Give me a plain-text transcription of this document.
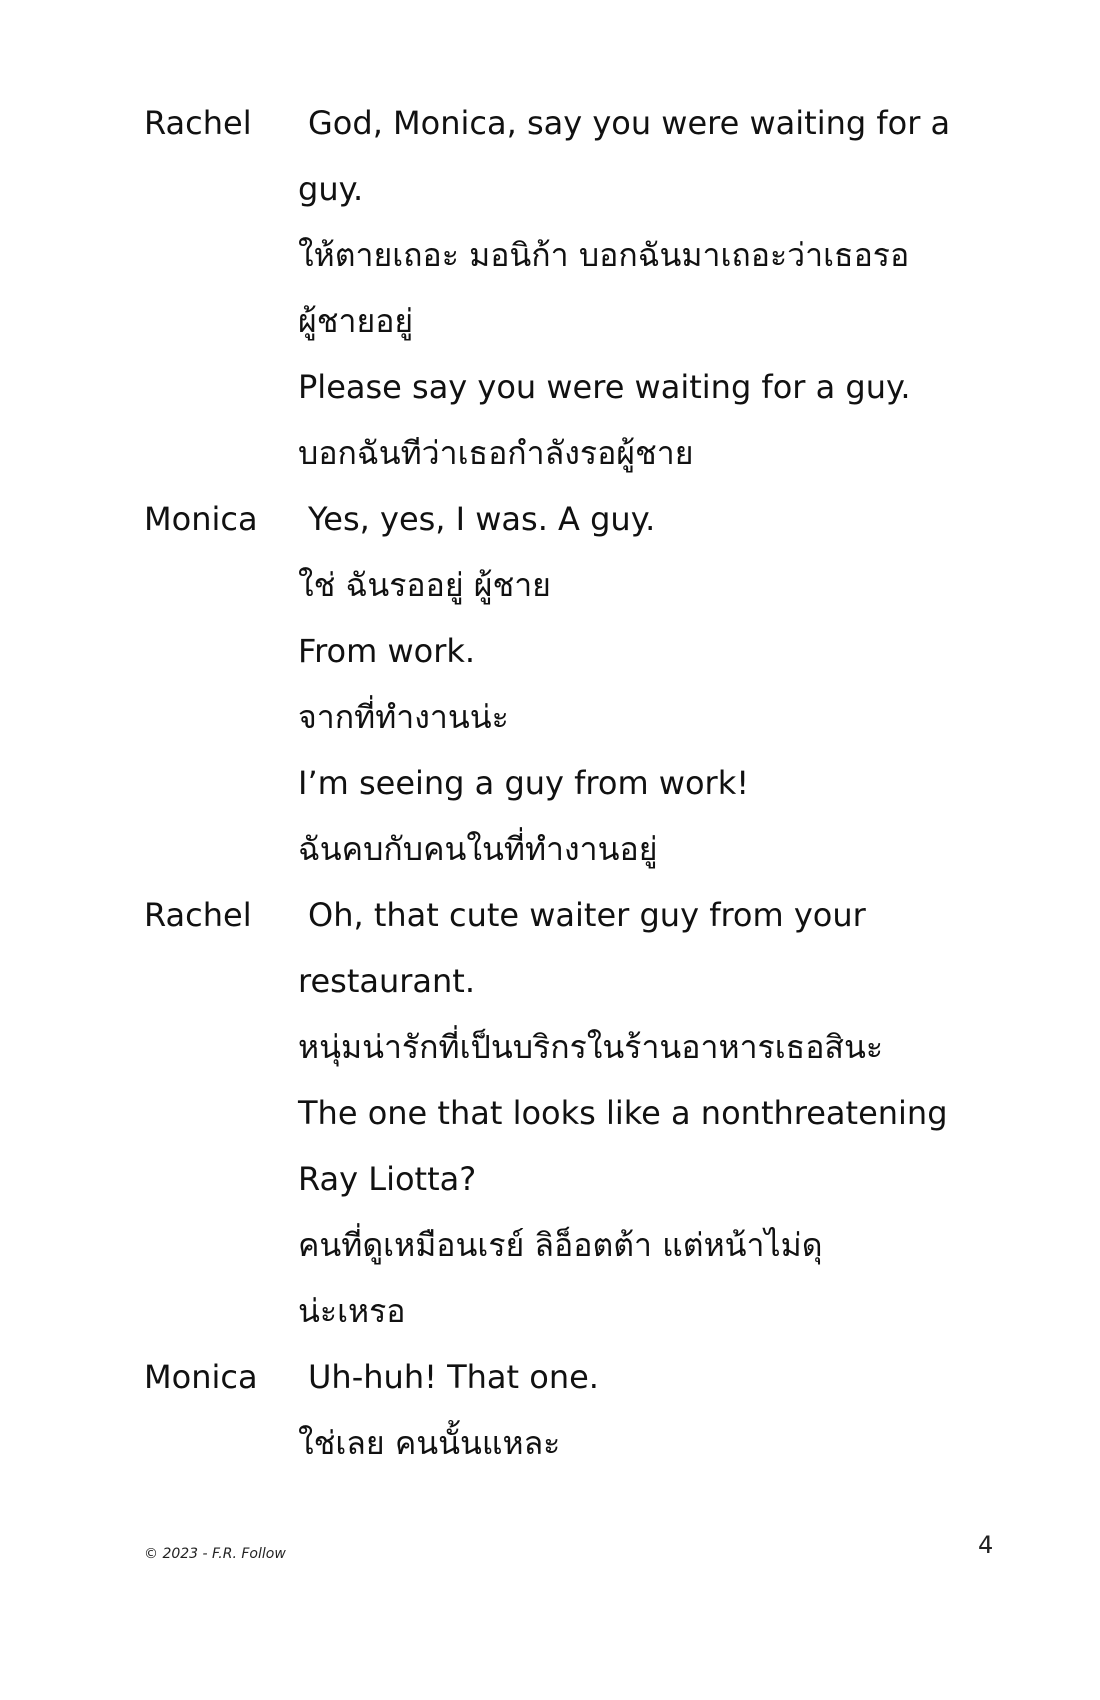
Rachel	God, Monica, say you were waiting for a
guy.
ให้ตายเถอะ มอนิก้า บอกฉันมาเถอะว่าเธอรอ
ผู้ชายอยู่
Please say you were waiting for a guy.
บอกฉันทีว่าเธอกำลังรอผู้ชาย
Monica	Yes, yes, I was. A guy.
ใช่ ฉันรออยู่ ผู้ชาย
From work.
จากที่ทำงานน่ะ
I’m seeing a guy from work!
ฉันคบกับคนในที่ทำงานอยู่
Rachel	Oh, that cute waiter guy from your
restaurant.
หนุ่มน่ารักที่เป็นบริกรในร้านอาหารเธอสินะ
The one that looks like a nonthreatening
Ray Liotta?
คนที่ดูเหมือนเรย์ ลิอ็อตต้า แต่หน้าไม่ดุ
น่ะเหรอ
Monica	Uh-huh! That one.
ใช่เลย คนนั้นแหละ
© 2023 - F.R. Follow	4
